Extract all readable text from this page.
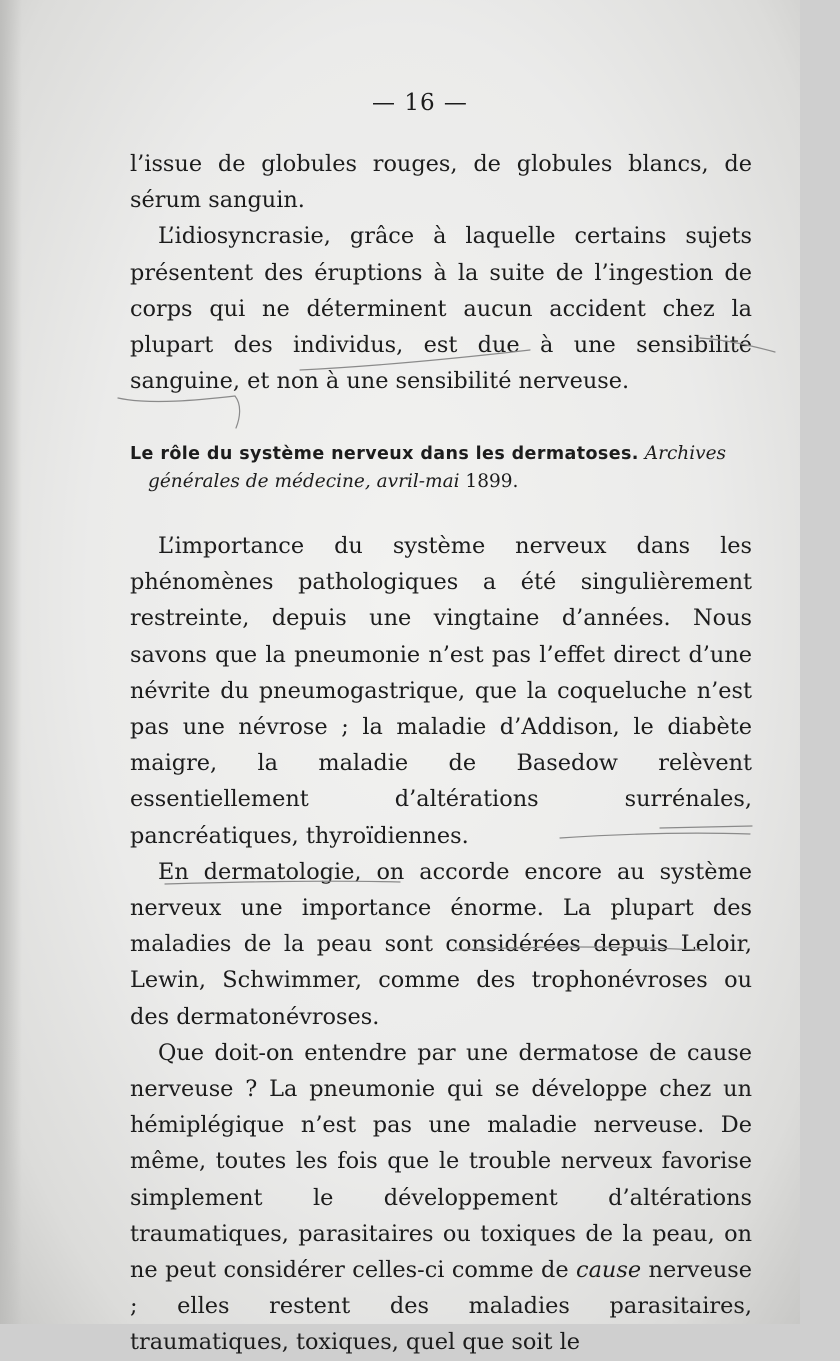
— 16 —

l’issue de globules rouges, de globules blancs, de sérum sanguin.

L’idiosyncrasie, grâce à laquelle certains sujets présentent des éruptions à la suite de l’ingestion de corps qui ne déterminent aucun accident chez la plupart des individus, est due à une sensibilité sanguine, et non à une sensibilité nerveuse.

Le rôle du système nerveux dans les dermatoses. Archives
générales de médecine, avril-mai 1899.

L’importance du système nerveux dans les phénomènes pathologiques a été singulièrement restreinte, depuis une vingtaine d’années. Nous savons que la pneumonie n’est pas l’effet direct d’une névrite du pneumogastrique, que la coqueluche n’est pas une névrose ; la maladie d’Addison, le diabète maigre, la maladie de Basedow relèvent essentiellement d’altérations surrénales, pancréatiques, thyroïdiennes.

En dermatologie, on accorde encore au système nerveux une importance énorme. La plupart des maladies de la peau sont considérées depuis Leloir, Lewin, Schwimmer, comme des trophonévroses ou des dermatonévroses.

Que doit-on entendre par une dermatose de cause nerveuse ? La pneumonie qui se développe chez un hémiplégique n’est pas une maladie nerveuse. De même, toutes les fois que le trouble nerveux favorise simplement le développement d’altérations traumatiques, parasitaires ou toxiques de la peau, on ne peut considérer celles-ci comme de cause nerveuse ; elles restent des maladies parasitaires, traumatiques, toxiques, quel que soit le
